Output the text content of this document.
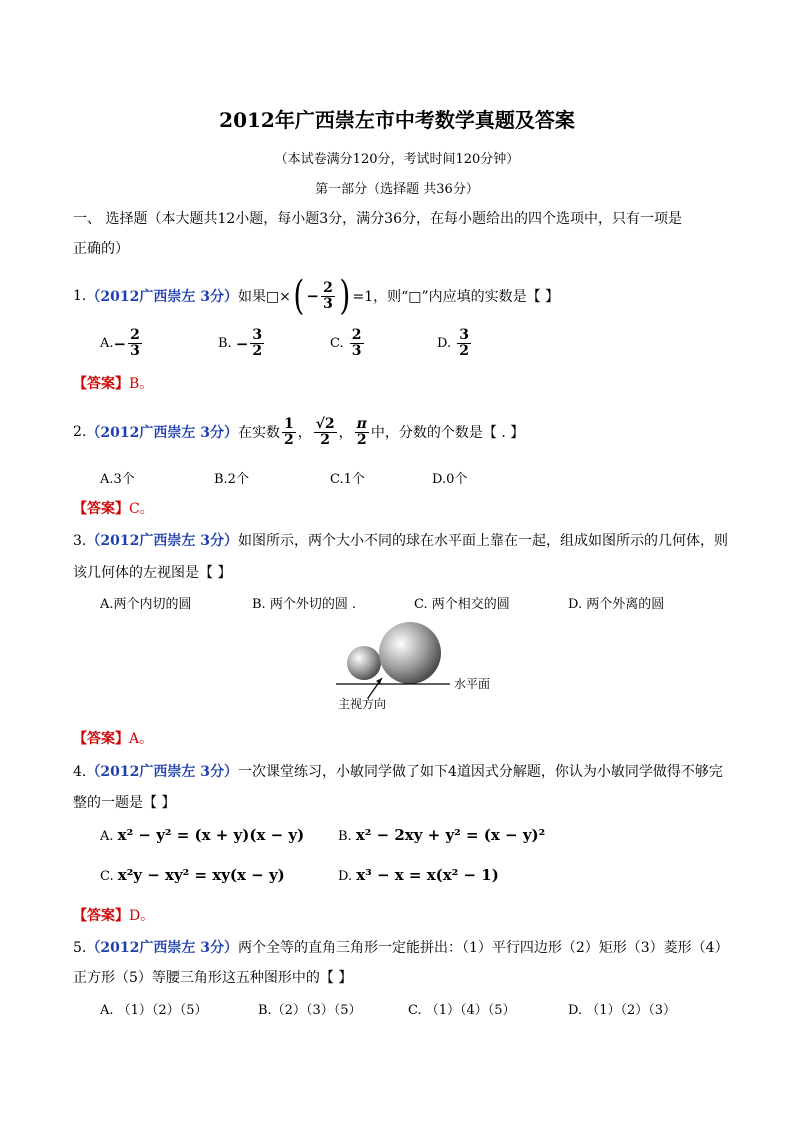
2012年广西崇左市中考数学真题及答案
（本试卷满分120分，考试时间120分钟）
第一部分（选择题 共36分）
一、 选择题（本大题共12小题，每小题3分，满分36分，在每小题给出的四个选项中，只有一项是
正确的）
1. （2012广西崇左 3分） 如果□× ( − $\frac{2}{3}$ ) =1，则“□”内应填的实数是【 】
A. − $\frac{2}{3}$	B.
− $\frac{3}{2}$	C.
$\frac{2}{3}$	D.
$\frac{3}{2}$
【答案】B。
2. （2012广西崇左 3分） 在实数 $\frac{1}{2}$ ， $\frac{√2}{2}$ ， $\frac{\pi}{2}$ 中，分数的个数是【 . 】
A.3个	B.2个	C.1个	D.0个
【答案】C。
3.（2012广西崇左 3分）如图所示，两个大小不同的球在水平面上靠在一起，组成如图所示的几何体，则
该几何体的左视图是【 】
A.两个内切的圆	B. 两个外切的圆 .	C. 两个相交的圆	D. 两个外离的圆
水平面
主视方向
【答案】A。
4.（2012广西崇左 3分）一次课堂练习，小敏同学做了如下4道因式分解题，你认为小敏同学做得不够完
整的一题是【 】
A. x² − y² = (x + y)(x − y)	B. x² − 2xy + y² = (x − y)²
C. x²y − xy² = xy(x − y)	D. x³ − x = x(x² − 1)
【答案】D。
5.（2012广西崇左 3分）两个全等的直角三角形一定能拼出：（1）平行四边形（2）矩形（3）菱形（4）
正方形（5）等腰三角形这五种图形中的【 】
A. （1）（2）（5）	B.（2）（3）（5）	C. （1）（4）（5）	D. （1）（2）（3）
